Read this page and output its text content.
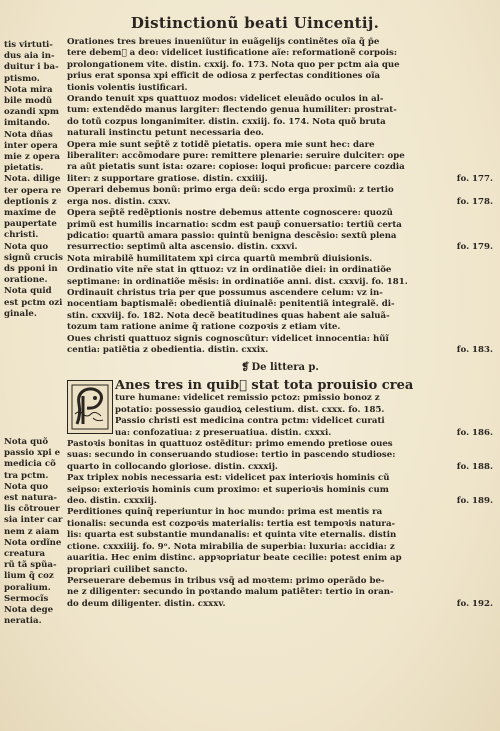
Distinctionũ beati Uincentij.
tis virtuti-
dus aia in-
duitur i ba-
ptismo.
Nota mira
bile modũ
ozandi xpm
imitando.
Nota dñas
inter opera
mie z opera
pietatis.
Nota. dilige
ter opera re
deptionis z
maxime de
paupertate
christi.
Nota quo
signũ crucis
ds pponi in
oratione.
Nota quid
est pctm ozi
ginale.
Orationes tres breues inueniũtur in euãgelijs continẽtes oĩa q̃ p̄e
tere debem᷑ a deo: videlicet iustificatione aĩe: reformationẽ corpois:
prolongationem vite. distin. cxxij. fo. 173. Nota quo per pctm aia que
prius erat sponsa xpi efficit̃ de odiosa z perfectas conditiones oĩa
tionis volentis iustificari.
Orando tenuit xps quattuoz modos: videlicet eleuãdo oculos in al-
tum: extendẽdo manus largiter: flectendo genua humiliter: prostrat-
do totũ cozpus longanimiter. distin. cxxiij. fo. 174. Nota quõ bruta
naturali instinctu petunt necessaria deo.
Opera mie sunt sep̃tẽ z totidẽ pietatis. opera mie sunt hec: dare
liberaliter: accõmodare pure: remittere plenarie: seruire dulciter: ope
ra aũt pietatis sunt ista: ozare: copiose: loqui proficue: parcere cozdia
liter: z supportare gratiose. distin. cxxiiij.	fo. 177.
Operari debemus bonũ: primo erga deũ: scdo erga proximũ: z tertio
erga nos. distin. cxxv.	fo. 178.
Opera sep̃tẽ redẽptionis nostre debemus attente cognoscere: quozũ
primũ est humilis incarnatio: scdm est paup̃ conuersatio: tertiũ certa
pdicatio: quartũ amara passio: quintũ benigna descẽsio: sextũ plena
resurrectio: septimũ alta ascensio. distin. cxxvi.	fo. 179.
Nota mirabilẽ humilitatem xpi circa quartũ membrũ diuisionis.
Ordinatio vite nr̃e stat in qttuoz: vz in ordinatiõe diei: in ordinatiõe
septimane: in ordinatiõe mẽsis: in ordinatiõe anni. dist. cxxvij. fo. 181.
Ordinauit christus tria per que possumus ascendere celum: vz in-
nocentiam baptismalẽ: obedientiã diuinalẽ: penitentiã integralẽ. di-
stin. cxxviij. fo. 182. Nota decẽ beatitudines quas habent aie saluã-
tozum tam ratione anime q̃ ratione cozpoꝛis z etiam vite.
Oues christi quattuoz signis cognoscũtur: videlicet innocentia: hũĩ
centia: patiẽtia z obedientia. distin. cxxix.	fo. 183.
❡ De littera p.
Nota quõ
passio xpi e
medicia cõ
tra pctm.
Nota quo
est natura-
lis cõtrouer
sia inter car
nem z aiam
Nota ordĩne
creatura
rũ tã spũa-
lium q̃ coz
poralium.
Sermocĩs
Nota dege
neratia.
Anes tres in quib᷑ stat tota prouisio crea
ture humane: videlicet remissio pctoz: pmissio bonoz z
potatio: possessio gaudioꝝ celestium. dist. cxxx. fo. 185.
Passio christi est medicina contra pctm: videlicet curati
ua: confozatiua: z preseruatiua. distin. cxxxi.	fo. 186.
Pastoꝛis bonitas in quattuoz ostẽditur: primo emendo pretiose oues
suas: secundo in conseruando studiose: tertio in pascendo studiose:
quarto in collocando gloriose. distin. cxxxij.	fo. 188.
Pax triplex nobis necessaria est: videlicet pax interioꝛis hominis cũ
seipso: exterioꝛis hominis cum proximo: et superioꝛis hominis cum
deo. distin. cxxxiij.	fo. 189.
Perditiones quinq̃ reperiuntur in hoc mundo: prima est mentis ra
tionalis: secunda est cozpoꝛis materialis: tertia est tempoꝛis natura-
lis: quarta est substantie mundanalis: et quinta vite eternalis. distin
ctione. cxxxiiij. fo. 9ᵒ. Nota mirabilia de superbia: luxuria: accidia: z
auaritia. Hec enim distinc. appꝛopriatur beate cecilie: potest enim ap
propriari cuilibet sancto.
Perseuerare debemus in tribus vsq̃ ad moꝛtem: primo operãdo be-
ne z diligenter: secundo in poꝛtando malum patiẽter: tertio in oran-
do deum diligenter. distin. cxxxv.	fo. 192.
